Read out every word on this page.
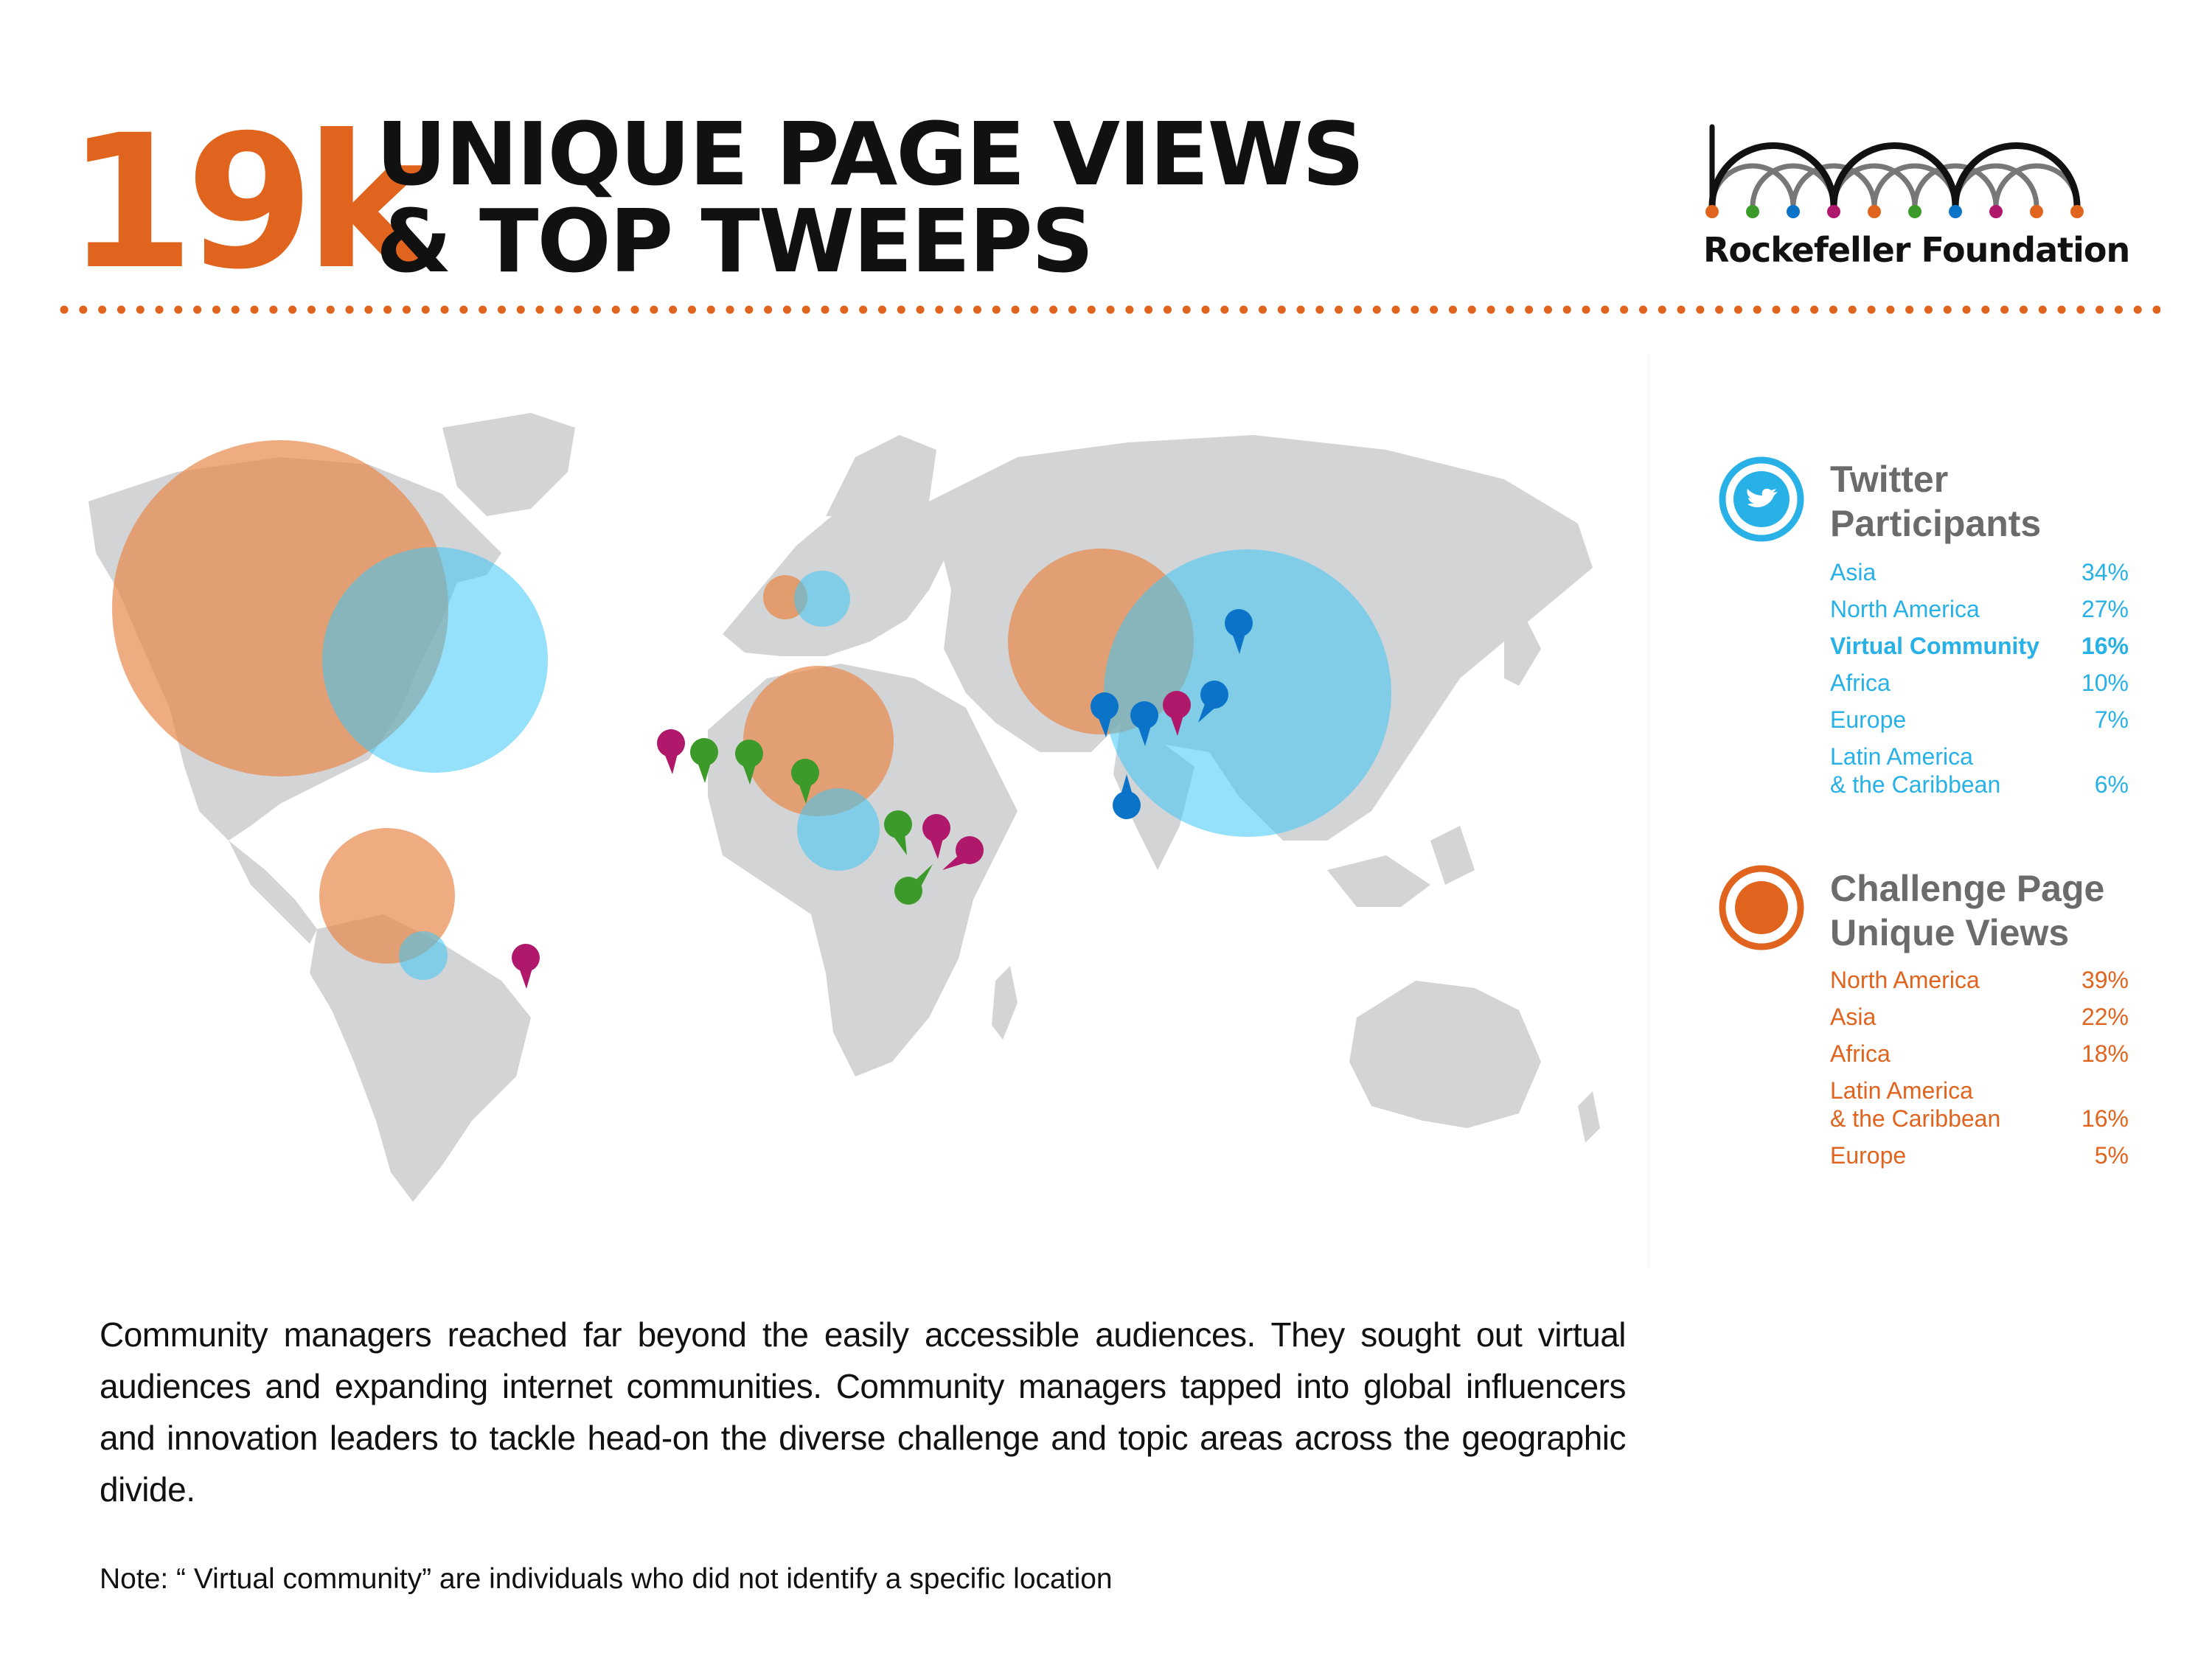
19k
UNIQUE PAGE VIEWS
& TOP TWEEPS	Rockefeller Foundation
Twitter
Participants
Asia	34%
North America	27%
Virtual Community 16%
Africa	10%
Europe	7%
Latin America
& the Caribbean	6%
Challenge Page
Unique Views
North America	39%
Asia	22%
Africa	18%
Latin America
& the Caribbean	16%
Europe	5%
Community managers reached far beyond the easily accessible audiences. They sought out virtual audiences and expanding internet communities. Community managers tapped into global influencers and innovation leaders to tackle head-on the diverse challenge and topic areas across the geographic divide.
Note: “ Virtual community” are individuals who did not identify a specific location
